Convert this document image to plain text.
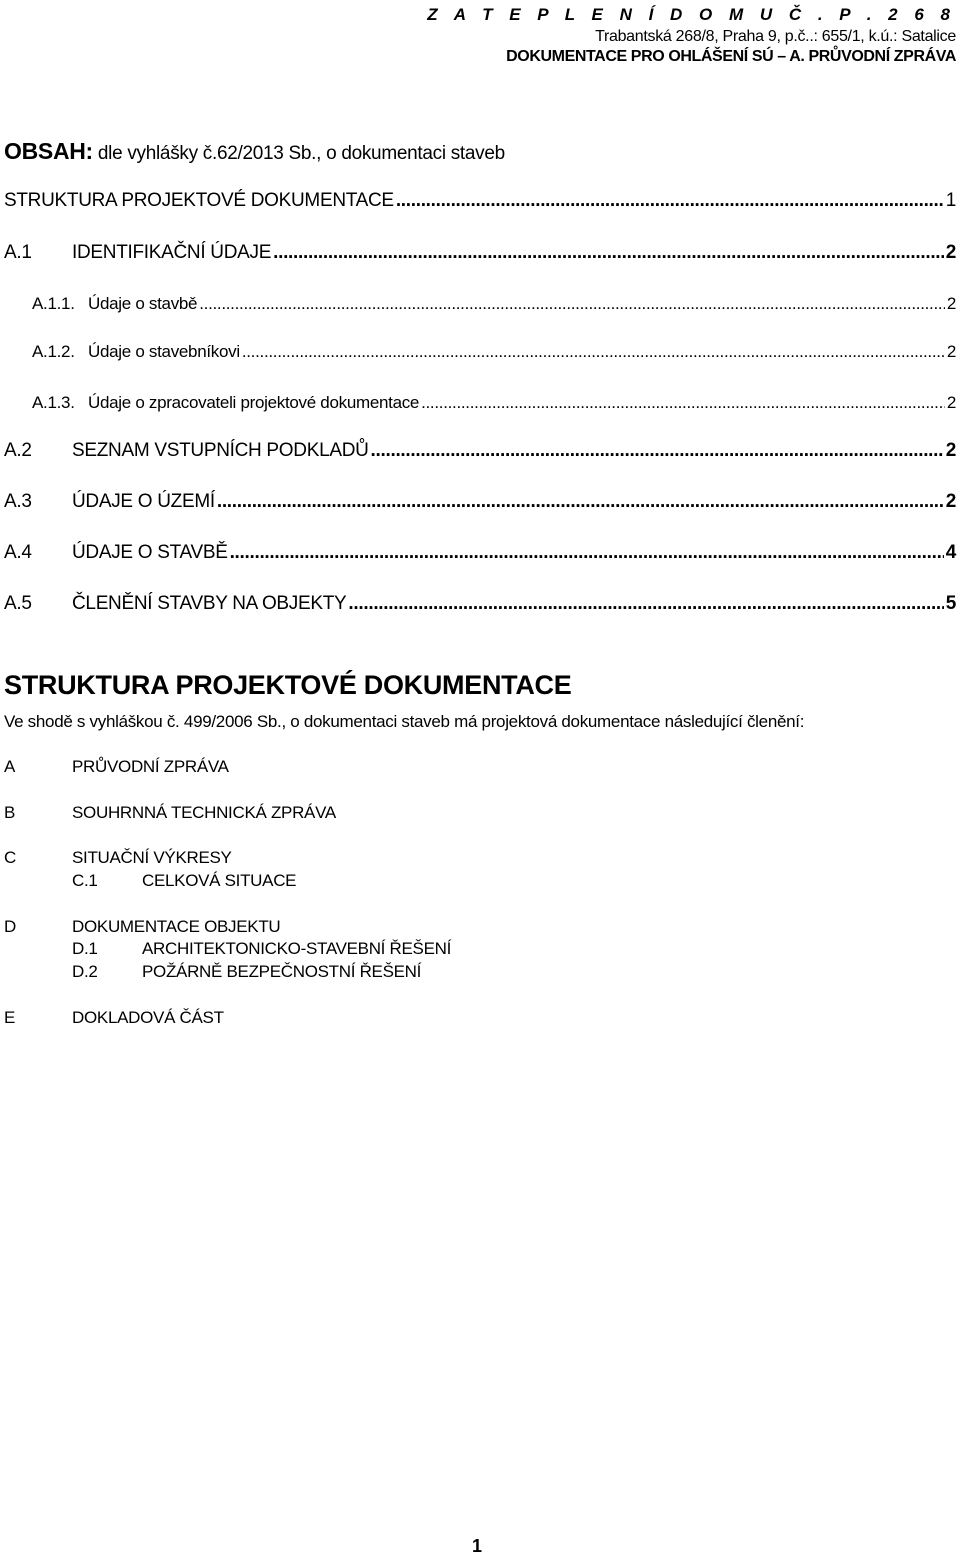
Z A T E P L E N Í D O M U Č . P . 2 6 8
Trabantská 268/8, Praha 9, p.č..: 655/1, k.ú.: Satalice
DOKUMENTACE PRO OHLÁŠENÍ SÚ – A. PRŮVODNÍ ZPRÁVA
OBSAH: dle vyhlášky č.62/2013 Sb., o dokumentaci staveb
STRUKTURA PROJEKTOVÉ DOKUMENTACE .....	1
A.1	IDENTIFIKAČNÍ ÚDAJE .....	2
A.1.1. Údaje o stavbě .....	2
A.1.2. Údaje o stavebníkovi .....	2
A.1.3. Údaje o zpracovateli projektové dokumentace .....	2
A.2	SEZNAM VSTUPNÍCH PODKLADŮ .....	2
A.3	ÚDAJE O ÚZEMÍ .....	2
A.4	ÚDAJE O STAVBĚ .....	4
A.5	ČLENĚNÍ STAVBY NA OBJEKTY .....	5
STRUKTURA PROJEKTOVÉ DOKUMENTACE
Ve shodě s vyhláškou č. 499/2006 Sb., o dokumentaci staveb má projektová dokumentace následující členění:
A	PRŮVODNÍ ZPRÁVA
B	SOUHRNNÁ TECHNICKÁ ZPRÁVA
C	SITUAČNÍ VÝKRESY
C.1	CELKOVÁ SITUACE
D	DOKUMENTACE OBJEKTU
D.1	ARCHITEKTONICKO-STAVEBNÍ ŘEŠENÍ
D.2	POŽÁRNĚ BEZPEČNOSTNÍ ŘEŠENÍ
E	DOKLADOVÁ ČÁST
1
